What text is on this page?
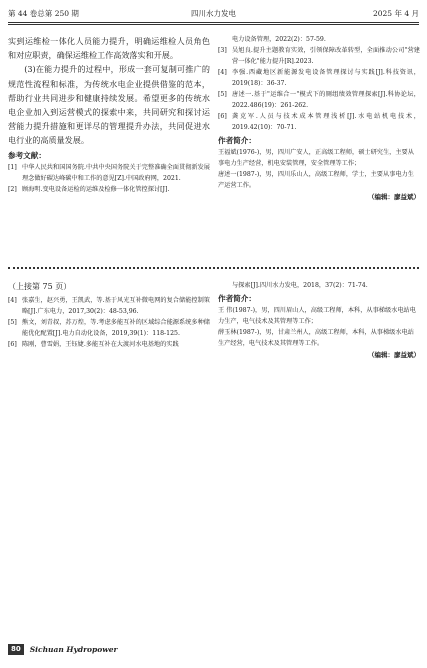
第 44 卷总第 250 期	四川水力发电	2025 年 4 月

实到运维检一体化人员能力提升，明确运维检人员角色和对应职责，确保运维检工作高效落实和开展。

(3)在能力提升的过程中，形成一套可复制可推广的规范性流程和标准，为传统水电企业提供借鉴的范本，帮助行业共同进步和健康持续发展。希望更多的传统水电企业加入到运营模式的探索中来，共同研究和探讨运营能力提升措施和更详尽的管理提升办法，共同促进水电行业的高质量发展。

参考文献：
[1] 中华人民共和国国务院.中共中央国务院关于完整准确全面贯彻新发展理念做好碳达峰碳中和工作的意见[Z].中国政府网，2021.
[2] 顾海明.变电设备运检的运维及检修一体化管控探讨[J].
电力设备管理，2022(2)：57-59.
[3] 吴旭良.提升主题教育实效，引领保障改革转型，全面推动公司"营建营一体化"能力提升[R].2023.
[4] 李强.西藏地区新能源发电设备管理探讨与实践[J].科技资讯，2019(18)：36-37.
[5] 唐述一.基于"运维合一"模式下的厕组绩效管理探索[J].科协论坛，2022.486(19)：261-262.
[6] 龚克军.人员与技术成本管理浅析[J].水电站机电技术，2019.42(10)：70-71.
作者简介：
王福斌(1976-)，男，四川广安人，正高级工程师，硕士研究生，主要从事电力生产经营，机电安装管理，安全管理等工作；
唐述一(1987-)，男，四川乐山人，高级工程师，学士，主要从事电力生产运营工作。
（编辑：廖益斌）
（上接第 75 页）
[4] 张嘉生，赵兴勇，王凯武，等.基于风光互补微电网的复合储能控制策略[J].广东电力，2017,30(2)：48-53,96.
[5] 熊文，刘青叔，苏万煌，等.考虑多能互补的区域综合能源系统多种储能优化配置[J].电力自动化设备，2019,39(1)：118-125.
[6] 陈刚，曹雪娟，王钰婕.多能互补在大渡河水电基地的实践
与探索[J].四川水力发电，2018，37(2)：71-74.
作者简介：
王 伟(1987-)，男，四川眉山人，高级工程师，本科，从事梯级水电站电力生产，电气技术及其管理等工作；
薛玉林(1987-)，男，甘肃兰州人，高级工程师，本科，从事梯级水电站生产经营，电气技术及其管理等工作。
（编辑：廖益斌）
80	Sichuan Hydropower
